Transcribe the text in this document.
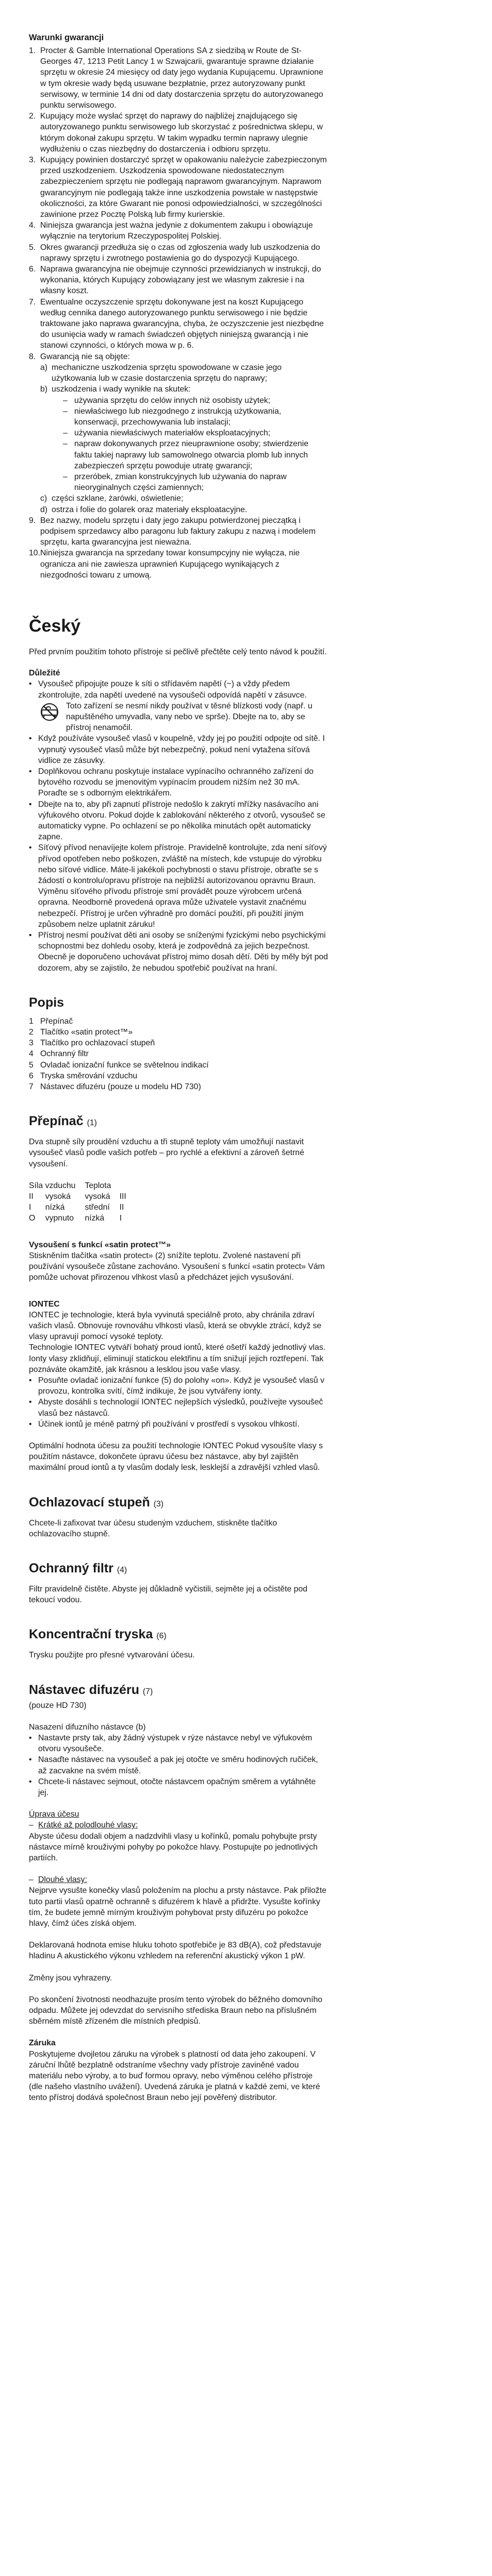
Warunki gwarancji
1. Procter & Gamble International Operations SA z siedzibą w Route de St-Georges 47, 1213 Petit Lancy 1 w Szwajcarii, gwarantuje sprawne działanie sprzętu w okresie 24 miesięcy od daty jego wydania Kupującemu. Uprawnione w tym okresie wady będą usuwane bezpłatnie, przez autoryzowany punkt serwisowy, w terminie 14 dni od daty dostarczenia sprzętu do autoryzowanego punktu serwisowego.
2. Kupujący może wysłać sprzęt do naprawy do najbliżej znajdującego się autoryzowanego punktu serwisowego lub skorzystać z pośrednictwa sklepu, w którym dokonał zakupu sprzętu. W takim wypadku termin naprawy ulegnie wydłużeniu o czas niezbędny do dostarczenia i odbioru sprzętu.
3. Kupujący powinien dostarczyć sprzęt w opakowaniu należycie zabezpieczonym przed uszkodzeniem. Uszkodzenia spowodowane niedostatecznym zabezpieczeniem sprzętu nie podlegają naprawom gwarancyjnym. Naprawom gwarancyjnym nie podlegają także inne uszkodzenia powstałe w następstwie okoliczności, za które Gwarant nie ponosi odpowiedzialności, w szczególności zawinione przez Pocztę Polską lub firmy kurierskie.
4. Niniejsza gwarancja jest ważna jedynie z dokumentem zakupu i obowiązuje wyłącznie na terytorium Rzeczypospolitej Polskiej.
5. Okres gwarancji przedłuża się o czas od zgłoszenia wady lub uszkodzenia do naprawy sprzętu i zwrotnego postawienia go do dyspozycji Kupującego.
6. Naprawa gwarancyjna nie obejmuje czynności przewidzianych w instrukcji, do wykonania, których Kupujący zobowiązany jest we własnym zakresie i na własny koszt.
7. Ewentualne oczyszczenie sprzętu dokonywane jest na koszt Kupującego według cennika danego autoryzowanego punktu serwisowego i nie będzie traktowane jako naprawa gwarancyjna, chyba, że oczyszczenie jest niezbędne do usunięcia wady w ramach świadczeń objętych niniejszą gwarancją i nie stanowi czynności, o których mowa w p. 6.
8. Gwarancją nie są objęte:
a) mechaniczne uszkodzenia sprzętu spowodowane w czasie jego użytkowania lub w czasie dostarczenia sprzętu do naprawy;
b) uszkodzenia i wady wynikłe na skutek:
– używania sprzętu do celów innych niż osobisty użytek;
– niewłaściwego lub niezgodnego z instrukcją użytkowania, konserwacji, przechowywania lub instalacji;
– używania niewłaściwych materiałów eksploatacyjnych;
– napraw dokonywanych przez nieuprawnione osoby; stwierdzenie faktu takiej naprawy lub samowolnego otwarcia plomb lub innych zabezpieczeń sprzętu powoduje utratę gwarancji;
– przeróbek, zmian konstrukcyjnych lub używania do napraw nieoryginalnych części zamiennych;
c) części szklane, żarówki, oświetlenie;
d) ostrza i folie do golarek oraz materiały eksploatacyjne.
9. Bez nazwy, modelu sprzętu i daty jego zakupu potwierdzonej pieczątką i podpisem sprzedawcy albo paragonu lub faktury zakupu z nazwą i modelem sprzętu, karta gwarancyjna jest nieważna.
10. Niniejsza gwarancja na sprzedany towar konsumpcyjny nie wyłącza, nie ogranicza ani nie zawiesza uprawnień Kupującego wynikających z niezgodności towaru z umową.
Český

Před prvním použitím tohoto přístroje si pečlivě přečtěte celý tento návod k použití.

Důležité
• Vysoušeč připojujte pouze k síti o střídavém napětí (~) a vždy předem zkontrolujte, zda napětí uvedené na vysoušeči odpovídá napětí v zásuvce.
Toto zařízení se nesmí nikdy používat v těsné blízkosti vody (např. u napuštěného umyvadla, vany nebo ve sprše). Dbejte na to, aby se přístroj nenamočil.
• Když používáte vysoušeč vlasů v koupelně, vždy jej po použití odpojte od sítě. I vypnutý vysoušeč vlasů může být nebezpečný, pokud není vytažena síťová vidlice ze zásuvky.
• Doplňkovou ochranu poskytuje instalace vypínacího ochranného zařízení do bytového rozvodu se jmenovitým vypínacím proudem nižším než 30 mA. Poraďte se s odborným elektrikářem.
• Dbejte na to, aby při zapnutí přístroje nedošlo k zakrytí mřížky nasávacího ani výfukového otvoru. Pokud dojde k zablokování některého z otvorů, vysoušeč se automaticky vypne. Po ochlazení se po několika minutách opět automaticky zapne.
• Síťový přívod nenavíjejte kolem přístroje. Pravidelně kontrolujte, zda není síťový přívod opotřeben nebo poškozen, zvláště na místech, kde vstupuje do výrobku nebo síťové vidlice. Máte-li jakékoli pochybnosti o stavu přístroje, obraťte se s žádostí o kontrolu/opravu přístroje na nejbližší autorizovanou opravnu Braun. Výměnu síťového přívodu přístroje smí provádět pouze výrobcem určená opravna. Neodborně provedená oprava může uživatele vystavit značnému nebezpečí. Přístroj je určen výhradně pro domácí použití, při použití jiným způsobem nelze uplatnit záruku!
• Přístroj nesmí používat děti ani osoby se sníženými fyzickými nebo psychickými schopnostmi bez dohledu osoby, která je zodpovědná za jejich bezpečnost. Obecně je doporučeno uchovávat přístroj mimo dosah dětí. Děti by měly být pod dozorem, aby se zajistilo, že nebudou spotřebič používat na hraní.
Popis
1 Přepínač
2 Tlačítko «satin protect™»
3 Tlačítko pro ochlazovací stupeň
4 Ochranný filtr
5 Ovladač ionizační funkce se světelnou indikací
6 Tryska směrování vzduchu
7 Nástavec difuzéru (pouze u modelu HD 730)
Přepínač (1)

Dva stupně síly proudění vzduchu a tři stupně teploty vám umožňují nastavit vysoušeč vlasů podle vašich potřeb – pro rychlé a efektivní a zároveň šetrné vysoušení.

Síla vzduchu		Teplota	
II	vysoká	vysoká	III
I	nízká	střední	II
O	vypnuto	nízká	I
Vysoušení s funkcí «satin protect™»

Stiskněním tlačítka «satin protect» (2) snížíte teplotu. Zvolené nastavení při používání vysoušeče zůstane zachováno. Vysoušení s funkcí «satin protect» Vám pomůže uchovat přirozenou vlhkost vlasů a předcházet jejich vysušování.

IONTEC

IONTEC je technologie, která byla vyvinutá speciálně proto, aby chránila zdraví vašich vlasů. Obnovuje rovnováhu vlhkosti vlasů, která se obvykle ztrácí, když se vlasy upravují pomocí vysoké teploty.

Technologie IONTEC vytváří bohatý proud iontů, které ošetří každý jednotlivý vlas. Ionty vlasy zklidňují, eliminují statickou elektřinu a tím snižují jejich roztřepení. Tak poznáváte okamžitě, jak krásnou a lesklou jsou vaše vlasy.

• Posuňte ovladač ionizační funkce (5) do polohy «on». Když je vysoušeč vlasů v provozu, kontrolka svítí, čímž indikuje, že jsou vytvářeny ionty.
• Abyste dosáhli s technologií IONTEC nejlepších výsledků, používejte vysoušeč vlasů bez nástavců.
• Účinek iontů je méně patrný při používání v prostředí s vysokou vlhkostí.

Optimální hodnota účesu za použití technologie IONTEC Pokud vysoušíte vlasy s použitím nástavce, dokončete úpravu účesu bez nástavce, aby byl zajištěn maximální proud iontů a ty vlasům dodaly lesk, lesklejší a zdravější vzhled vlasů.

Ochlazovací stupeň (3)

Chcete-li zafixovat tvar účesu studeným vzduchem, stiskněte tlačítko ochlazovacího stupně.

Ochranný filtr (4)

Filtr pravidelně čistěte. Abyste jej důkladně vyčistili, sejměte jej a očistěte pod tekoucí vodou.

Koncentrační tryska (6)

Trysku použijte pro přesné vytvarování účesu.

Nástavec difuzéru (7)

(pouze HD 730)

Nasazení difuzního nástavce (b)

• Nastavte prsty tak, aby žádný výstupek v rýze nástavce nebyl ve výfukovém otvoru vysoušeče.
• Nasaďte nástavec na vysoušeč a pak jej otočte ve směru hodinových ručiček, až zacvakne na svém místě.
• Chcete-li nástavec sejmout, otočte nástavcem opačným směrem a vytáhněte jej.

Úprava účesu

– Krátké až polodlouhé vlasy:

Abyste účesu dodali objem a nadzdvihli vlasy u kořínků, pomalu pohybujte prsty nástavce mírně krouživými pohyby po pokožce hlavy. Postupujte po jednotlivých partiích.

– Dlouhé vlasy:

Nejprve vysušte konečky vlasů položením na plochu a prsty nástavce. Pak přiložte tuto partii vlasů opatrně ochranně s difuzérem k hlavě a přidržte. Vysušte kořínky tím, že budete jemně mírným krouživým pohybovat prsty difuzéru po pokožce hlavy, čímž účes získá objem.

Deklarovaná hodnota emise hluku tohoto spotřebiče je 83 dB(A), což představuje hladinu A akustického výkonu vzhledem na referenční akustický výkon 1 pW.

Změny jsou vyhrazeny.

Po skončení životnosti neodhazujte prosím tento výrobek do běžného domovního odpadu. Můžete jej odevzdat do servisního střediska Braun nebo na příslušném sběrném místě zřízeném dle místních předpisů.

Záruka

Poskytujeme dvojletou záruku na výrobek s platností od data jeho zakoupení. V záruční lhůtě bezplatně odstraníme všechny vady přístroje zaviněné vadou materiálu nebo výroby, a to buď formou opravy, nebo výměnou celého přístroje (dle našeho vlastního uvážení). Uvedená záruka je platná v každé zemi, ve které tento přístroj dodává společnost Braun nebo její pověřený distributor.
